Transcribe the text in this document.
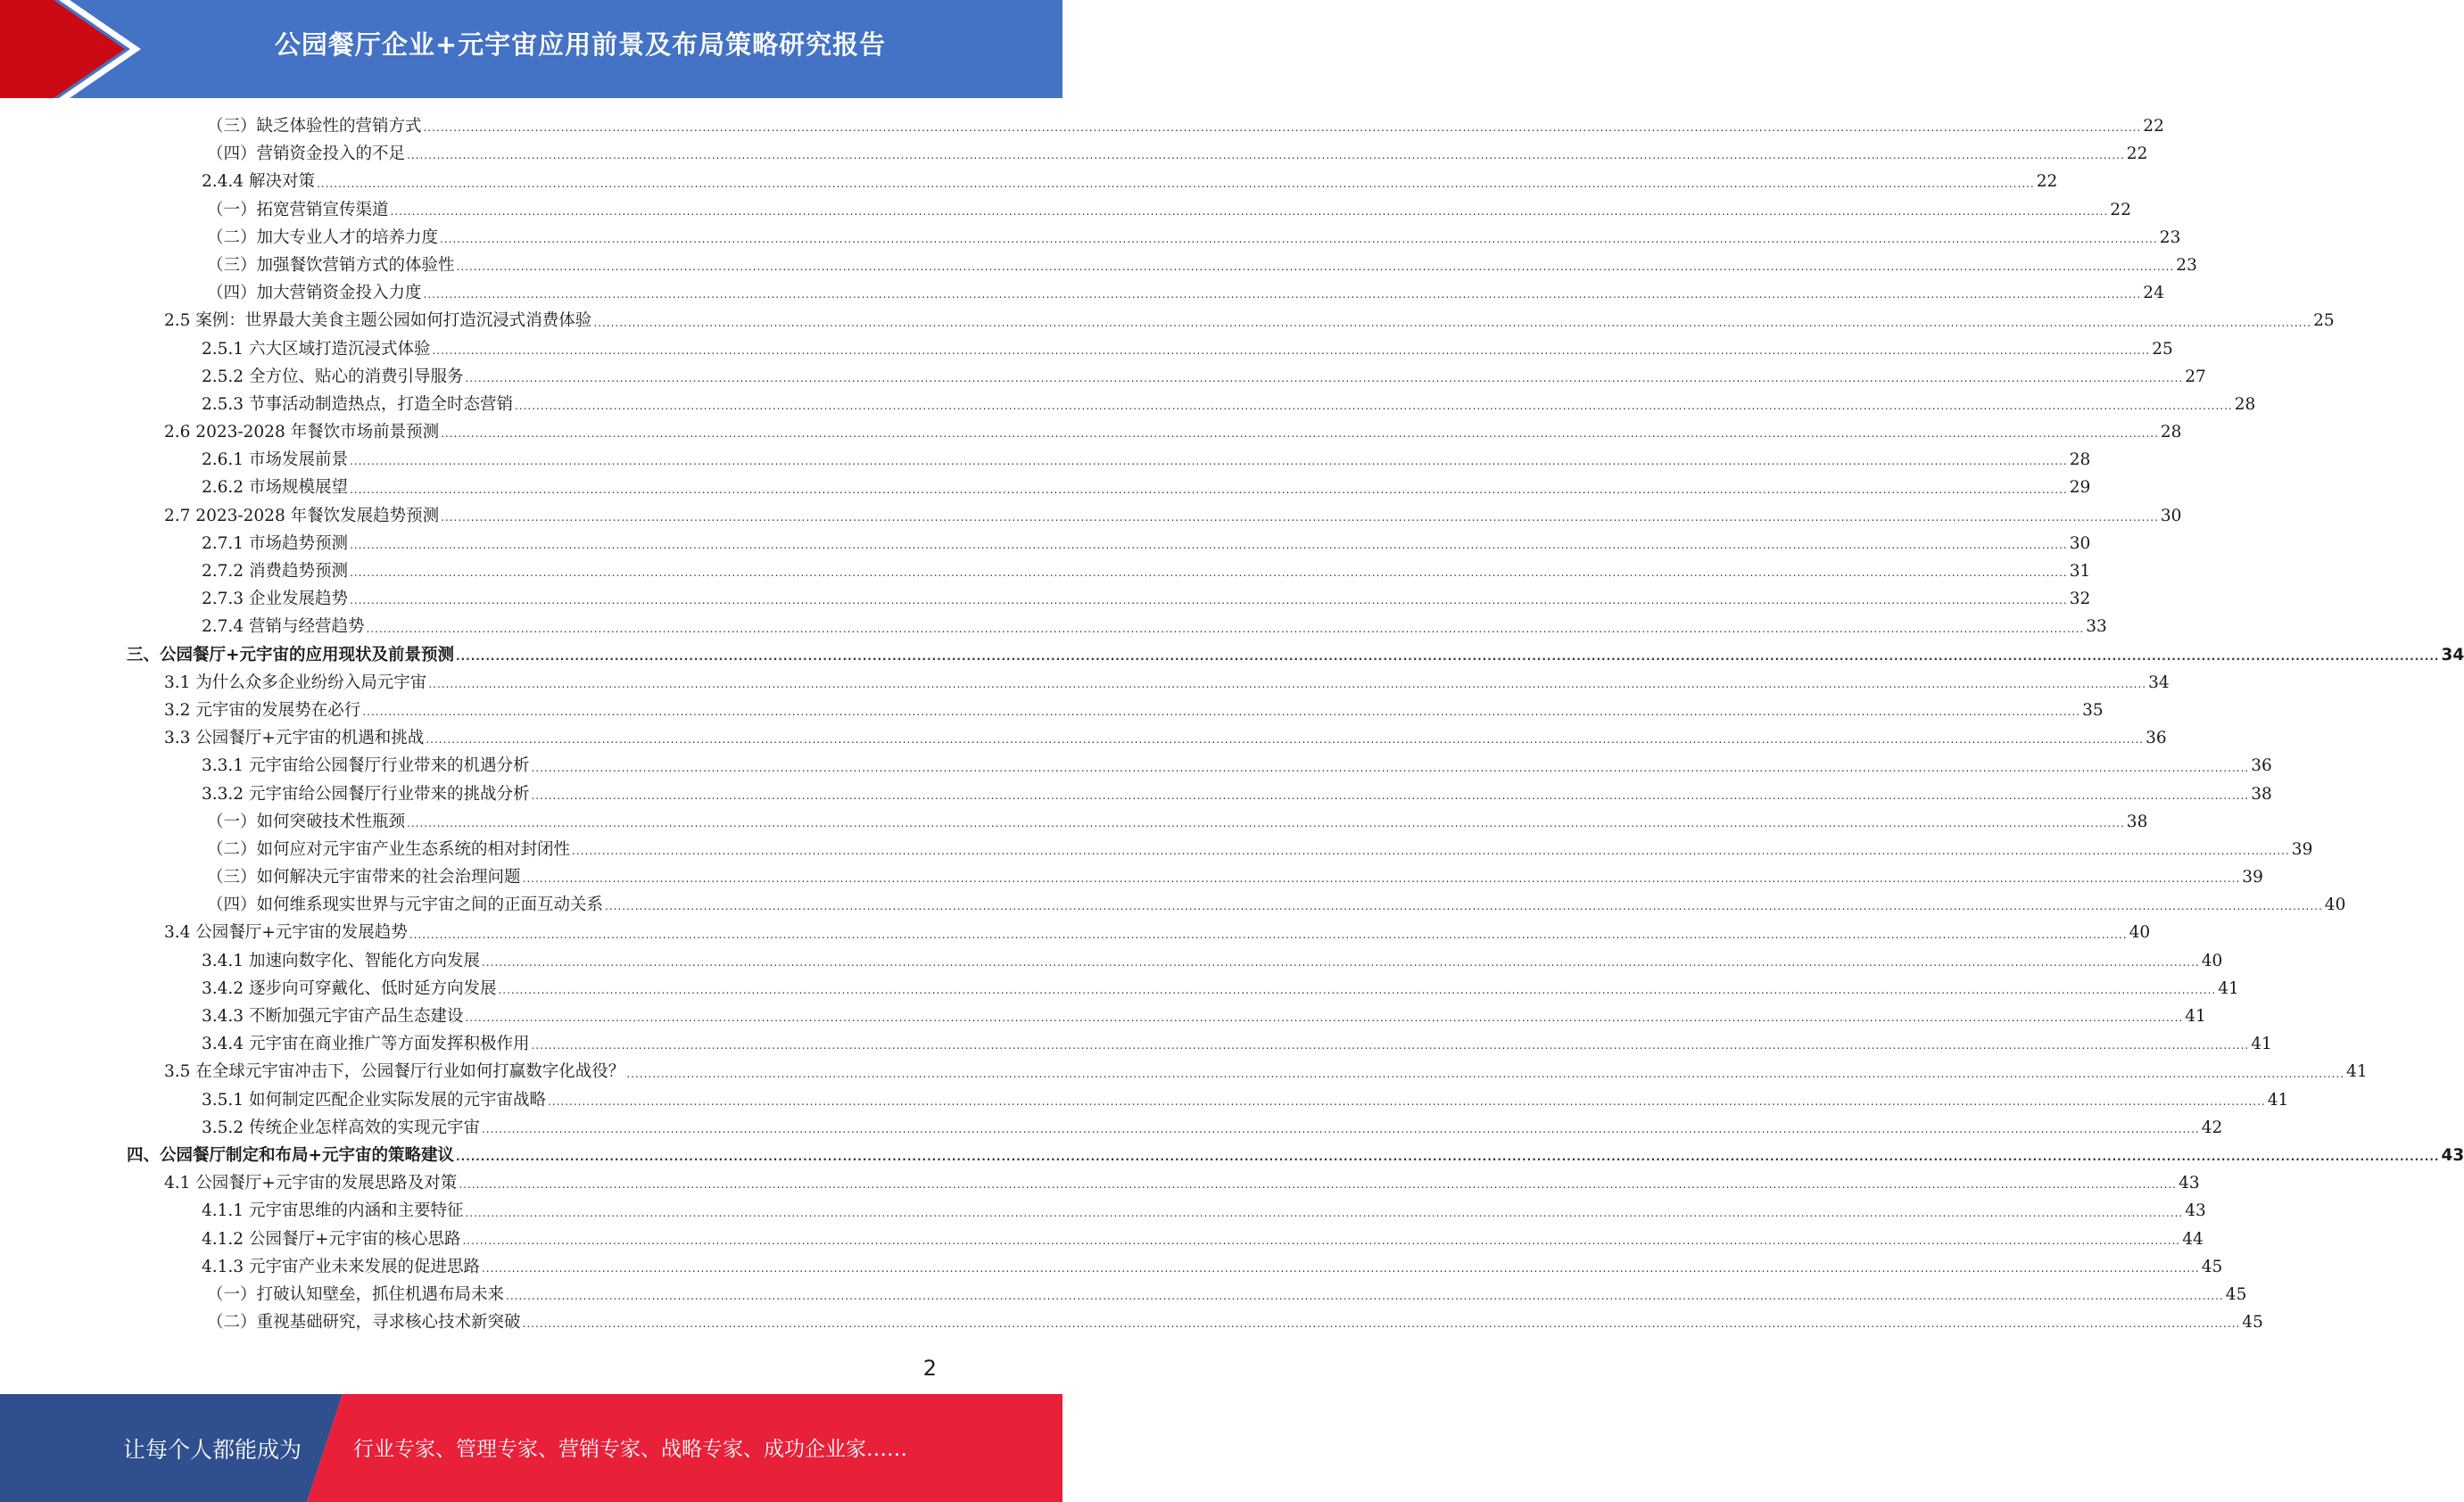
公园餐厅企业+元宇宙应用前景及布局策略研究报告
（三）缺乏体验性的营销方式 ................................................................................................................................................................................................................................................................................................................................................................................................................ 22
（四）营销资金投入的不足 ................................................................................................................................................................................................................................................................................................................................................................................................................ 22
2.4.4 解决对策 ................................................................................................................................................................................................................................................................................................................................................................................................................ 22
（一）拓宽营销宣传渠道 ................................................................................................................................................................................................................................................................................................................................................................................................................ 22
（二）加大专业人才的培养力度 ................................................................................................................................................................................................................................................................................................................................................................................................................ 23
（三）加强餐饮营销方式的体验性 ................................................................................................................................................................................................................................................................................................................................................................................................................ 23
（四）加大营销资金投入力度 ................................................................................................................................................................................................................................................................................................................................................................................................................ 24
2.5 案例：世界最大美食主题公园如何打造沉浸式消费体验 ................................................................................................................................................................................................................................................................................................................................................................................................................ 25
2.5.1 六大区域打造沉浸式体验 ................................................................................................................................................................................................................................................................................................................................................................................................................ 25
2.5.2 全方位、贴心的消费引导服务 ................................................................................................................................................................................................................................................................................................................................................................................................................ 27
2.5.3 节事活动制造热点，打造全时态营销 ................................................................................................................................................................................................................................................................................................................................................................................................................ 28
2.6 2023-2028 年餐饮市场前景预测 ................................................................................................................................................................................................................................................................................................................................................................................................................ 28
2.6.1 市场发展前景 ................................................................................................................................................................................................................................................................................................................................................................................................................ 28
2.6.2 市场规模展望 ................................................................................................................................................................................................................................................................................................................................................................................................................ 29
2.7 2023-2028 年餐饮发展趋势预测 ................................................................................................................................................................................................................................................................................................................................................................................................................ 30
2.7.1 市场趋势预测 ................................................................................................................................................................................................................................................................................................................................................................................................................ 30
2.7.2 消费趋势预测 ................................................................................................................................................................................................................................................................................................................................................................................................................ 31
2.7.3 企业发展趋势 ................................................................................................................................................................................................................................................................................................................................................................................................................ 32
2.7.4 营销与经营趋势 ................................................................................................................................................................................................................................................................................................................................................................................................................ 33
三、公园餐厅+元宇宙的应用现状及前景预测 ................................................................................................................................................................................................................................................................................................................................................................................................................ 34
3.1 为什么众多企业纷纷入局元宇宙 ................................................................................................................................................................................................................................................................................................................................................................................................................ 34
3.2 元宇宙的发展势在必行 ................................................................................................................................................................................................................................................................................................................................................................................................................ 35
3.3 公园餐厅+元宇宙的机遇和挑战 ................................................................................................................................................................................................................................................................................................................................................................................................................ 36
3.3.1 元宇宙给公园餐厅行业带来的机遇分析 ................................................................................................................................................................................................................................................................................................................................................................................................................ 36
3.3.2 元宇宙给公园餐厅行业带来的挑战分析 ................................................................................................................................................................................................................................................................................................................................................................................................................ 38
（一）如何突破技术性瓶颈 ................................................................................................................................................................................................................................................................................................................................................................................................................ 38
（二）如何应对元宇宙产业生态系统的相对封闭性 ................................................................................................................................................................................................................................................................................................................................................................................................................ 39
（三）如何解决元宇宙带来的社会治理问题 ................................................................................................................................................................................................................................................................................................................................................................................................................ 39
（四）如何维系现实世界与元宇宙之间的正面互动关系 ................................................................................................................................................................................................................................................................................................................................................................................................................ 40
3.4 公园餐厅+元宇宙的发展趋势 ................................................................................................................................................................................................................................................................................................................................................................................................................ 40
3.4.1 加速向数字化、智能化方向发展 ................................................................................................................................................................................................................................................................................................................................................................................................................ 40
3.4.2 逐步向可穿戴化、低时延方向发展 ................................................................................................................................................................................................................................................................................................................................................................................................................ 41
3.4.3 不断加强元宇宙产品生态建设 ................................................................................................................................................................................................................................................................................................................................................................................................................ 41
3.4.4 元宇宙在商业推广等方面发挥积极作用 ................................................................................................................................................................................................................................................................................................................................................................................................................ 41
3.5 在全球元宇宙冲击下，公园餐厅行业如何打赢数字化战役？ ................................................................................................................................................................................................................................................................................................................................................................................................................ 41
3.5.1 如何制定匹配企业实际发展的元宇宙战略 ................................................................................................................................................................................................................................................................................................................................................................................................................ 41
3.5.2 传统企业怎样高效的实现元宇宙 ................................................................................................................................................................................................................................................................................................................................................................................................................ 42
四、公园餐厅制定和布局+元宇宙的策略建议 ................................................................................................................................................................................................................................................................................................................................................................................................................ 43
4.1 公园餐厅+元宇宙的发展思路及对策 ................................................................................................................................................................................................................................................................................................................................................................................................................ 43
4.1.1 元宇宙思维的内涵和主要特征 ................................................................................................................................................................................................................................................................................................................................................................................................................ 43
4.1.2 公园餐厅+元宇宙的核心思路 ................................................................................................................................................................................................................................................................................................................................................................................................................ 44
4.1.3 元宇宙产业未来发展的促进思路 ................................................................................................................................................................................................................................................................................................................................................................................................................ 45
（一）打破认知壁垒，抓住机遇布局未来 ................................................................................................................................................................................................................................................................................................................................................................................................................ 45
（二）重视基础研究，寻求核心技术新突破 ................................................................................................................................................................................................................................................................................................................................................................................................................ 45
2
让每个人都能成为	行业专家、管理专家、营销专家、战略专家、成功企业家……
